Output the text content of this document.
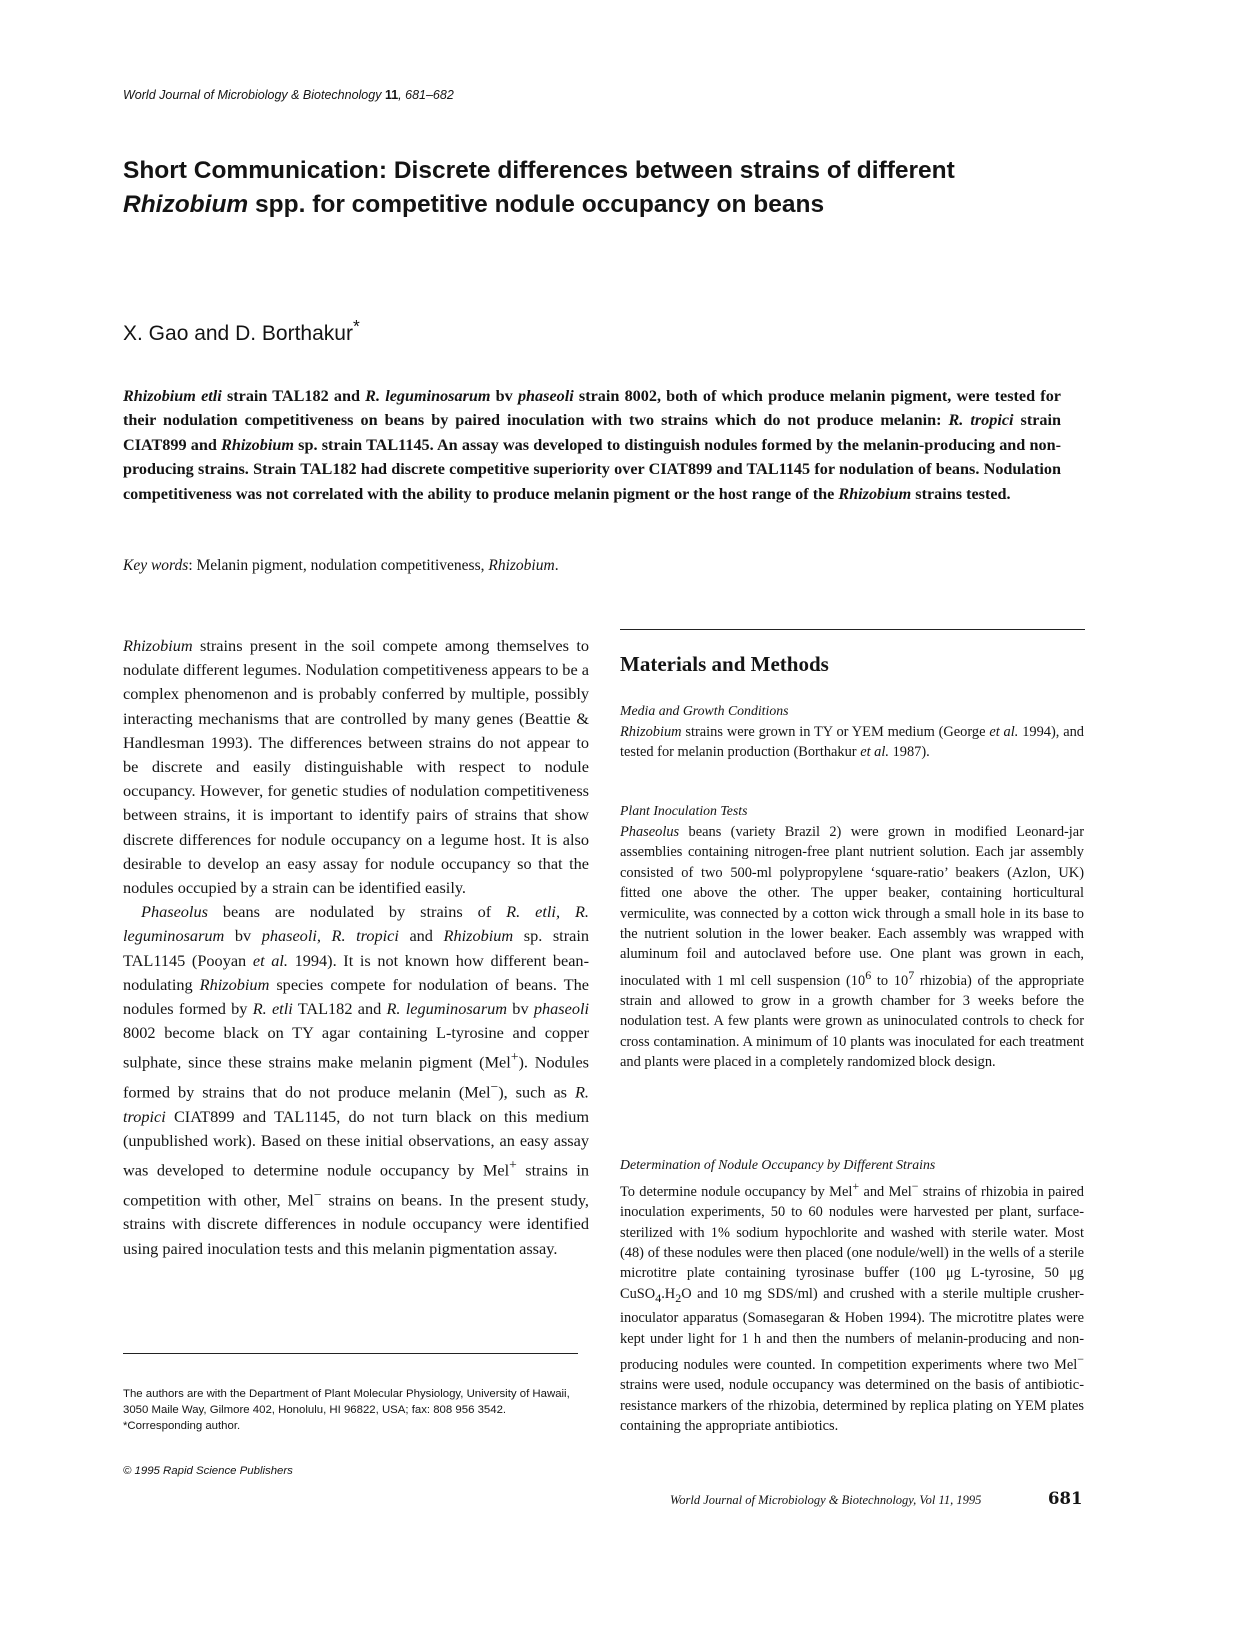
World Journal of Microbiology & Biotechnology 11, 681–682

Short Communication: Discrete differences between strains of different

Rhizobium spp. for competitive nodule occupancy on beans

X. Gao and D. Borthakur*

Rhizobium etli strain TAL182 and R. leguminosarum bv phaseoli strain 8002, both of which produce melanin pigment, were tested for their nodulation competitiveness on beans by paired inoculation with two strains which do not produce melanin: R. tropici strain CIAT899 and Rhizobium sp. strain TAL1145. An assay was developed to distinguish nodules formed by the melanin-producing and non-producing strains. Strain TAL182 had discrete competitive superiority over CIAT899 and TAL1145 for nodulation of beans. Nodulation competitiveness was not correlated with the ability to produce melanin pigment or the host range of the Rhizobium strains tested.

Key words: Melanin pigment, nodulation competitiveness, Rhizobium.

Rhizobium strains present in the soil compete among themselves to nodulate different legumes. Nodulation competitiveness appears to be a complex phenomenon and is probably conferred by multiple, possibly interacting mechanisms that are controlled by many genes (Beattie & Handlesman 1993). The differences between strains do not appear to be discrete and easily distinguishable with respect to nodule occupancy. However, for genetic studies of nodulation competitiveness between strains, it is important to identify pairs of strains that show discrete differences for nodule occupancy on a legume host. It is also desirable to develop an easy assay for nodule occupancy so that the nodules occupied by a strain can be identified easily.

Phaseolus beans are nodulated by strains of R. etli, R. leguminosarum bv phaseoli, R. tropici and Rhizobium sp. strain TAL1145 (Pooyan et al. 1994). It is not known how different bean-nodulating Rhizobium species compete for nodulation of beans. The nodules formed by R. etli TAL182 and R. leguminosarum bv phaseoli 8002 become black on TY agar containing L-tyrosine and copper sulphate, since these strains make melanin pigment (Mel+). Nodules formed by strains that do not produce melanin (Mel−), such as R. tropici CIAT899 and TAL1145, do not turn black on this medium (unpublished work). Based on these initial observations, an easy assay was developed to determine nodule occupancy by Mel+ strains in competition with other, Mel− strains on beans. In the present study, strains with discrete differences in nodule occupancy were identified using paired inoculation tests and this melanin pigmentation assay.

The authors are with the Department of Plant Molecular Physiology, University of Hawaii, 3050 Maile Way, Gilmore 402, Honolulu, HI 96822, USA; fax: 808 956 3542. *Corresponding author.
© 1995 Rapid Science Publishers
Materials and Methods
Media and Growth Conditions

Rhizobium strains were grown in TY or YEM medium (George et al. 1994), and tested for melanin production (Borthakur et al. 1987).

Plant Inoculation Tests

Phaseolus beans (variety Brazil 2) were grown in modified Leonard-jar assemblies containing nitrogen-free plant nutrient solution. Each jar assembly consisted of two 500-ml polypropylene ‘square-ratio’ beakers (Azlon, UK) fitted one above the other. The upper beaker, containing horticultural vermiculite, was connected by a cotton wick through a small hole in its base to the nutrient solution in the lower beaker. Each assembly was wrapped with aluminum foil and autoclaved before use. One plant was grown in each, inoculated with 1 ml cell suspension ($10^6$ to $10^7$ rhizobia) of the appropriate strain and allowed to grow in a growth chamber for 3 weeks before the nodulation test. A few plants were grown as uninoculated controls to check for cross contamination. A minimum of 10 plants was inoculated for each treatment and plants were placed in a completely randomized block design.

Determination of Nodule Occupancy by Different Strains

To determine nodule occupancy by Mel+ and Mel− strains of rhizobia in paired inoculation experiments, 50 to 60 nodules were harvested per plant, surface-sterilized with 1% sodium hypochlorite and washed with sterile water. Most (48) of these nodules were then placed (one nodule/well) in the wells of a sterile microtitre plate containing tyrosinase buffer (100 μg L-tyrosine, 50 μg $CuSO_4.H_2O$ and 10 mg SDS/ml) and crushed with a sterile multiple crusher-inoculator apparatus (Somasegaran & Hoben 1994). The microtitre plates were kept under light for 1 h and then the numbers of melanin-producing and non-producing nodules were counted. In competition experiments where two Mel− strains were used, nodule occupancy was determined on the basis of antibiotic-resistance markers of the rhizobia, determined by replica plating on YEM plates containing the appropriate antibiotics.

World Journal of Microbiology & Biotechnology, Vol 11, 1995	681
